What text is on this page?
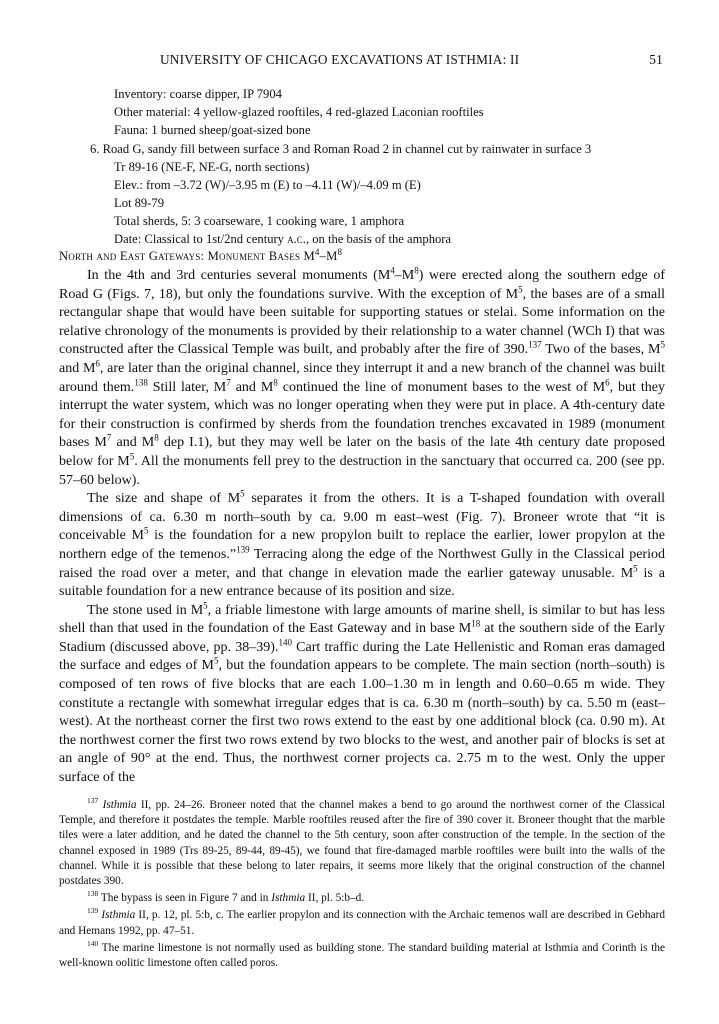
UNIVERSITY OF CHICAGO EXCAVATIONS AT ISTHMIA: II	51
Inventory: coarse dipper, IP 7904
Other material: 4 yellow-glazed rooftiles, 4 red-glazed Laconian rooftiles
Fauna: 1 burned sheep/goat-sized bone
6. Road G, sandy fill between surface 3 and Roman Road 2 in channel cut by rainwater in surface 3
Tr 89-16 (NE-F, NE-G, north sections)
Elev.: from –3.72 (W)/–3.95 m (E) to –4.11 (W)/–4.09 m (E)
Lot 89-79
Total sherds, 5: 3 coarseware, 1 cooking ware, 1 amphora
Date: Classical to 1st/2nd century a.c., on the basis of the amphora
North and East Gateways: Monument Bases $M^4-M^8$

In the 4th and 3rd centuries several monuments $(M^4-M^8)$ were erected along the southern edge of Road G (Figs. 7, 18), but only the foundations survive. With the exception of $M^5$, the bases are of a small rectangular shape that would have been suitable for supporting statues or stelai. Some information on the relative chronology of the monuments is provided by their relationship to a water channel (WCh I) that was constructed after the Classical Temple was built, and probably after the fire of 390.$^{137}$ Two of the bases, $M^5$ and $M^6$, are later than the original channel, since they interrupt it and a new branch of the channel was built around them.$^{138}$ Still later, $M^7$ and $M^8$ continued the line of monument bases to the west of $M^6$, but they interrupt the water system, which was no longer operating when they were put in place. A 4th-century date for their construction is confirmed by sherds from the foundation trenches excavated in 1989 (monument bases $M^7$ and $M^8$ dep I.1), but they may well be later on the basis of the late 4th century date proposed below for $M^5$. All the monuments fell prey to the destruction in the sanctuary that occurred ca. 200 (see pp. 57–60 below).

The size and shape of $M^5$ separates it from the others. It is a T-shaped foundation with overall dimensions of ca. 6.30 m north–south by ca. 9.00 m east–west (Fig. 7). Broneer wrote that “it is conceivable $M^5$ is the foundation for a new propylon built to replace the earlier, lower propylon at the northern edge of the temenos.”$^{139}$ Terracing along the edge of the Northwest Gully in the Classical period raised the road over a meter, and that change in elevation made the earlier gateway unusable. $M^5$ is a suitable foundation for a new entrance because of its position and size.

The stone used in $M^5$, a friable limestone with large amounts of marine shell, is similar to but has less shell than that used in the foundation of the East Gateway and in base $M^{18}$ at the southern side of the Early Stadium (discussed above, pp. 38–39).$^{140}$ Cart traffic during the Late Hellenistic and Roman eras damaged the surface and edges of $M^5$, but the foundation appears to be complete. The main section (north–south) is composed of ten rows of five blocks that are each 1.00–1.30 m in length and 0.60–0.65 m wide. They constitute a rectangle with somewhat irregular edges that is ca. 6.30 m (north–south) by ca. 5.50 m (east–west). At the northeast corner the first two rows extend to the east by one additional block (ca. 0.90 m). At the northwest corner the first two rows extend by two blocks to the west, and another pair of blocks is set at an angle of 90° at the end. Thus, the northwest corner projects ca. 2.75 m to the west. Only the upper surface of the

$^{137}$ Isthmia II, pp. 24–26. Broneer noted that the channel makes a bend to go around the northwest corner of the Classical Temple, and therefore it postdates the temple. Marble rooftiles reused after the fire of 390 cover it. Broneer thought that the marble tiles were a later addition, and he dated the channel to the 5th century, soon after construction of the temple. In the section of the channel exposed in 1989 (Trs 89-25, 89-44, 89-45), we found that fire-damaged marble rooftiles were built into the walls of the channel. While it is possible that these belong to later repairs, it seems more likely that the original construction of the channel postdates 390.

$^{138}$ The bypass is seen in Figure 7 and in Isthmia II, pl. 5:b–d.

$^{139}$ Isthmia II, p. 12, pl. 5:b, c. The earlier propylon and its connection with the Archaic temenos wall are described in Gebhard and Hemans 1992, pp. 47–51.

$^{140}$ The marine limestone is not normally used as building stone. The standard building material at Isthmia and Corinth is the well-known oolitic limestone often called poros.
